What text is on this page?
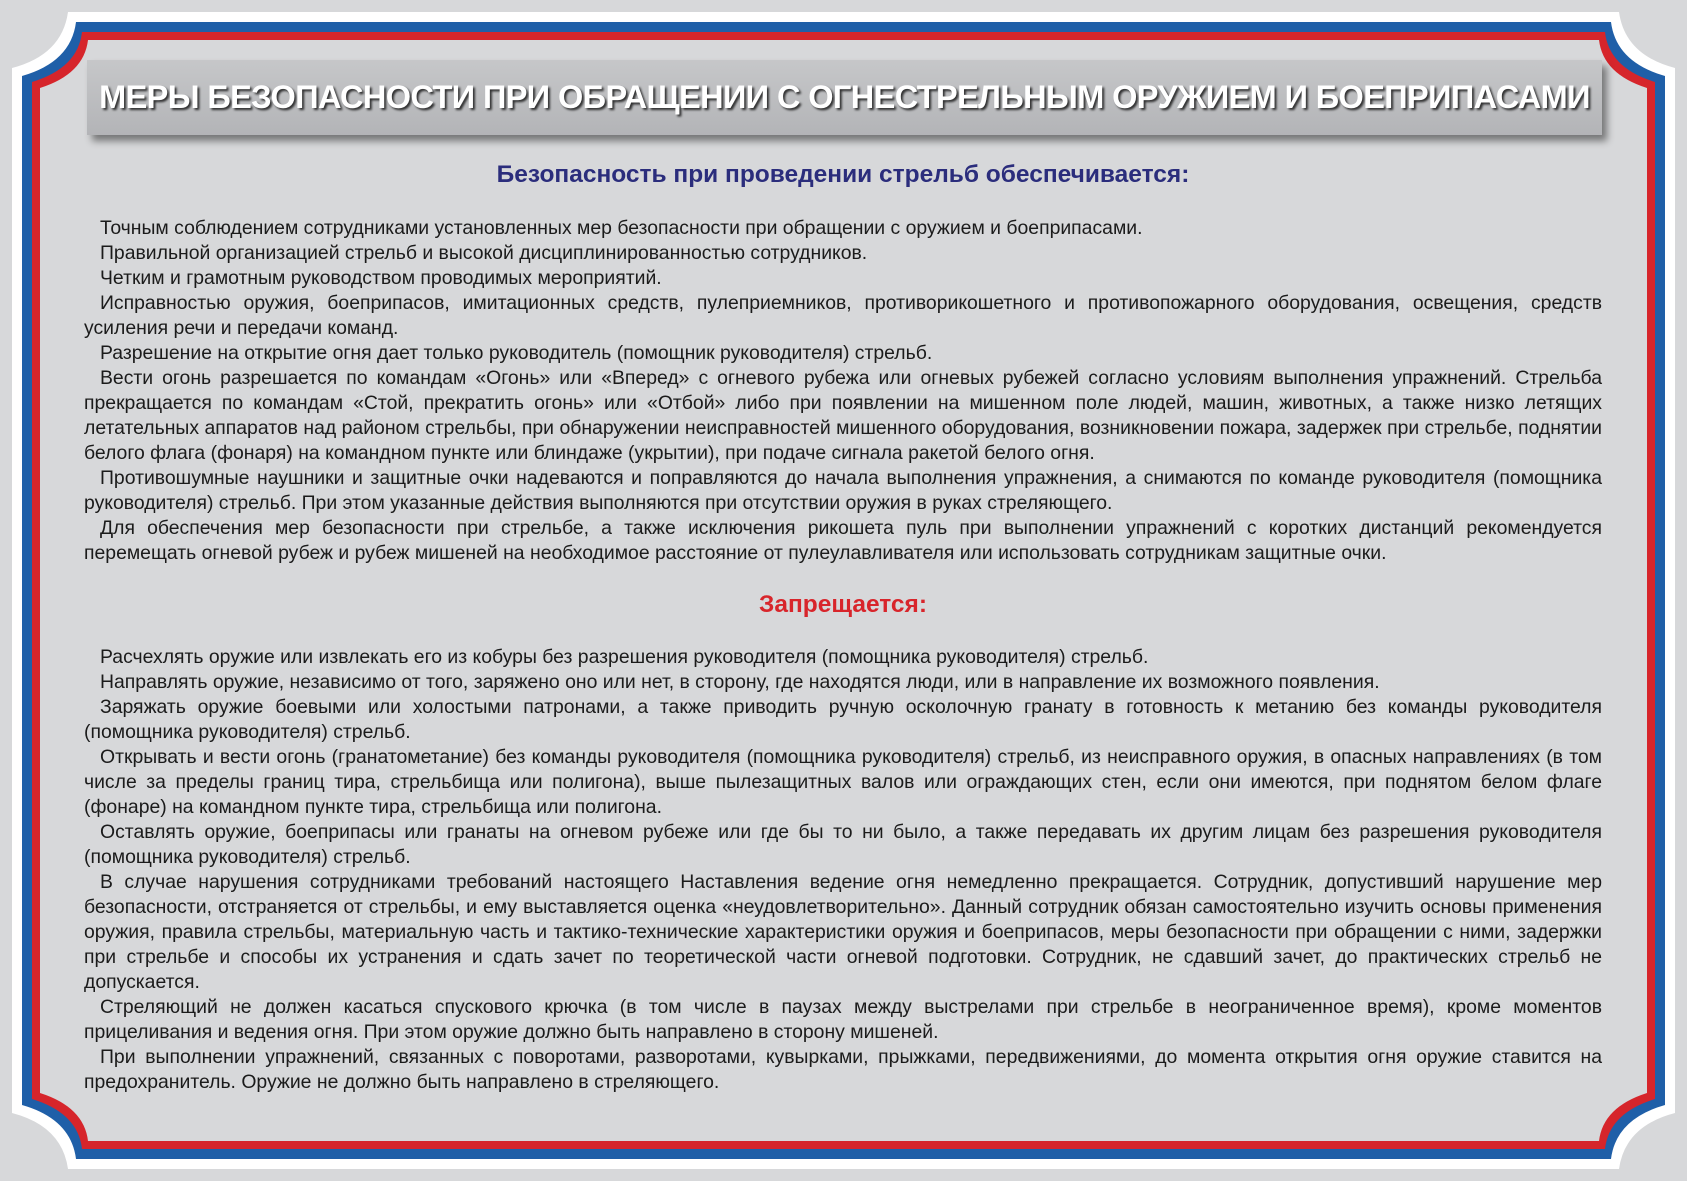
МЕРЫ БЕЗОПАСНОСТИ ПРИ ОБРАЩЕНИИ С ОГНЕСТРЕЛЬНЫМ ОРУЖИЕМ И БОЕПРИПАСАМИ
Безопасность при проведении стрельб обеспечивается:

Точным соблюдением сотрудниками установленных мер безопасности при обращении с оружием и боеприпасами.

Правильной организацией стрельб и высокой дисциплинированностью сотрудников.

Четким и грамотным руководством проводимых мероприятий.

Исправностью оружия, боеприпасов, имитационных средств, пулеприемников, противорикошетного и противопожарного оборудования, освещения, средств усиления речи и передачи команд.

Разрешение на открытие огня дает только руководитель (помощник руководителя) стрельб.

Вести огонь разрешается по командам «Огонь» или «Вперед» с огневого рубежа или огневых рубежей согласно условиям выполнения упражнений. Стрельба прекращается по командам «Стой, прекратить огонь» или «Отбой» либо при появлении на мишенном поле людей, машин, животных, а также низко летящих летательных аппаратов над районом стрельбы, при обнаружении неисправностей мишенного оборудования, возникновении пожара, задержек при стрельбе, поднятии белого флага (фонаря) на командном пункте или блиндаже (укрытии), при подаче сигнала ракетой белого огня.

Противошумные наушники и защитные очки надеваются и поправляются до начала выполнения упражнения, а снимаются по команде руководителя (помощника руководителя) стрельб. При этом указанные действия выполняются при отсутствии оружия в руках стреляющего.

Для обеспечения мер безопасности при стрельбе, а также исключения рикошета пуль при выполнении упражнений с коротких дистанций рекомендуется перемещать огневой рубеж и рубеж мишеней на необходимое расстояние от пулеулавливателя или использовать сотрудникам защитные очки.

Запрещается:

Расчехлять оружие или извлекать его из кобуры без разрешения руководителя (помощника руководителя) стрельб.

Направлять оружие, независимо от того, заряжено оно или нет, в сторону, где находятся люди, или в направление их возможного появления.

Заряжать оружие боевыми или холостыми патронами, а также приводить ручную осколочную гранату в готовность к метанию без команды руководителя (помощника руководителя) стрельб.

Открывать и вести огонь (гранатометание) без команды руководителя (помощника руководителя) стрельб, из неисправного оружия, в опасных направлениях (в том числе за пределы границ тира, стрельбища или полигона), выше пылезащитных валов или ограждающих стен, если они имеются, при поднятом белом флаге (фонаре) на командном пункте тира, стрельбища или полигона.

Оставлять оружие, боеприпасы или гранаты на огневом рубеже или где бы то ни было, а также передавать их другим лицам без разрешения руководителя (помощника руководителя) стрельб.

В случае нарушения сотрудниками требований настоящего Наставления ведение огня немедленно прекращается. Сотрудник, допустивший нарушение мер безопасности, отстраняется от стрельбы, и ему выставляется оценка «неудовлетворительно». Данный сотрудник обязан самостоятельно изучить основы применения оружия, правила стрельбы, материальную часть и тактико-технические характеристики оружия и боеприпасов, меры безопасности при обращении с ними, задержки при стрельбе и способы их устранения и сдать зачет по теоретической части огневой подготовки. Сотрудник, не сдавший зачет, до практических стрельб не допускается.

Стреляющий не должен касаться спускового крючка (в том числе в паузах между выстрелами при стрельбе в неограниченное время), кроме моментов прицеливания и ведения огня. При этом оружие должно быть направлено в сторону мишеней.

При выполнении упражнений, связанных с поворотами, разворотами, кувырками, прыжками, передвижениями, до момента открытия огня оружие ставится на предохранитель. Оружие не должно быть направлено в стреляющего.
